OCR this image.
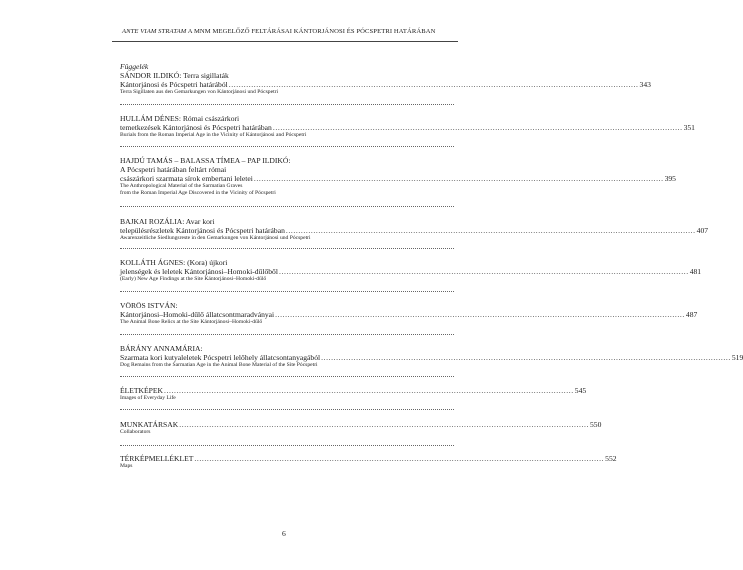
ANTE VIAM STRATAM A MNM MEGELŐZŐ FELTÁRÁSAI KÁNTORJÁNOSI ÉS PÓCSPETRI HATÁRÁBAN
Függelék
SÁNDOR ILDIKÓ: Terra sigillaták
Kántorjánosi és Pócspetri határából .................................................................................................................................................................... 343
Terra Sigillaten aus den Gemarkungen von Kántorjánosi und Pócspetri
HULLÁM DÉNES: Római császárkori
temetkezések Kántorjánosi és Pócspetri határában .................................................................................................................................................................... 351
Burials from the Roman Imperial Age in the Vicinity of Kántorjánosi and Pócspetri
HAJDÚ TAMÁS – BALASSA TÍMEA – PAP ILDIKÓ:
A Pócspetri határában feltárt római
császárkori szarmata sírok embertani leletei .................................................................................................................................................................... 395
The Anthropological Material of the Sarmatian Graves
from the Roman Imperial Age Discovered in the Vicinity of Pócspetri
BAJKAI ROZÁLIA: Avar kori
településrészletek Kántorjánosi és Pócspetri határában .................................................................................................................................................................... 407
Awarenzeitliche Siedlungsreste in den Gemarkungen von Kántorjánosi und Pócspetri
KOLLÁTH ÁGNES: (Kora) újkori
jelenségek és leletek Kántorjánosi–Homoki-dűlőből .................................................................................................................................................................... 481
(Early) New Age Findings at the Site Kántorjánosi–Homoki-dűlő
VÖRÖS ISTVÁN:
Kántorjánosi–Homoki-dűlő állatcsontmaradványai .................................................................................................................................................................... 487
The Animal Bone Relics at the Site Kántorjánosi–Homoki-dűlő
BÁRÁNY ANNAMÁRIA:
Szarmata kori kutyaleletek Pócspetri lelőhely állatcsontanyagából .................................................................................................................................................................... 519
Dog Remains from the Sarmatian Age in the Animal Bone Material of the Site Pócspetri
ÉLETKÉPEK .................................................................................................................................................................... 545
Images of Everyday Life
MUNKATÁRSAK .................................................................................................................................................................... 550
Collaborators
TÉRKÉPMELLÉKLET .................................................................................................................................................................... 552
Maps
6
